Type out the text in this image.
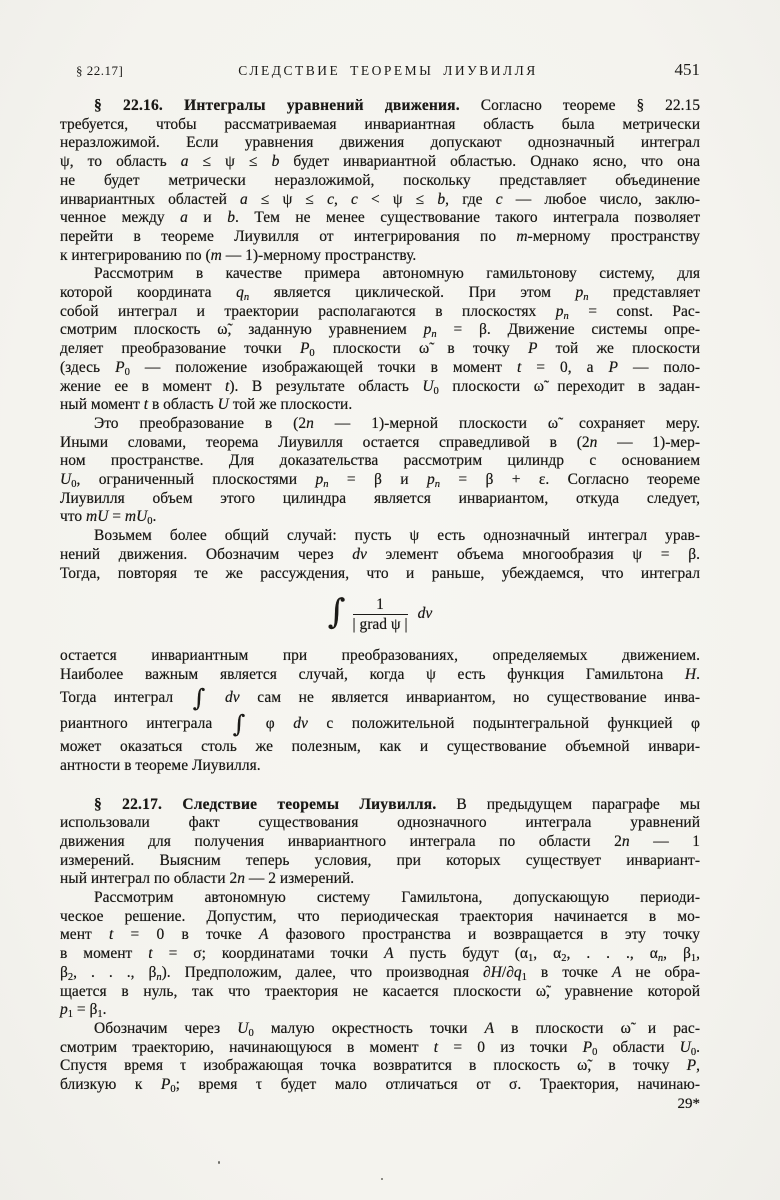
§ 22.17]	СЛЕДСТВИЕ ТЕОРЕМЫ ЛИУВИЛЛЯ	451
§ 22.16. Интегралы уравнений движения. Согласно теореме § 22.15
требуется, чтобы рассматриваемая инвариантная область была метрически
неразложимой. Если уравнения движения допускают однозначный интеграл
ψ, то область a ≤ ψ ≤ b будет инвариантной областью. Однако ясно, что она
не будет метрически неразложимой, поскольку представляет объединение
инвариантных областей a ≤ ψ ≤ c, c < ψ ≤ b, где c — любое число, заклю-
ченное между a и b. Тем не менее существование такого интеграла позволяет
перейти в теореме Лиувилля от интегрирования по m-мерному пространству
к интегрированию по (m — 1)-мерному пространству.
Рассмотрим в качестве примера автономную гамильтонову систему, для
которой координата $q_n$ является циклической. При этом $p_n$ представляет
собой интеграл и траектории располагаются в плоскостях $p_n$ = const. Рас-
смотрим плоскость ω̃, заданную уравнением $p_n = \beta$. Движение системы опре-
деляет преобразование точки $P_0$ плоскости ω̃ в точку P той же плоскости
(здесь $P_0$ — положение изображающей точки в момент t = 0, а P — поло-
жение ее в момент t). В результате область $U_0$ плоскости ω̃ переходит в задан-
ный момент t в область U той же плоскости.
Это преобразование в (2n — 1)-мерной плоскости ω̃ сохраняет меру.
Иными словами, теорема Лиувилля остается справедливой в (2n — 1)-мер-
ном пространстве. Для доказательства рассмотрим цилиндр с основанием
$U_0$, ограниченный плоскостями $p_n = \beta$ и $p_n = \beta + \varepsilon$. Согласно теореме
Лиувилля объем этого цилиндра является инвариантом, откуда следует,
что mU = $mU_0$.
Возьмем более общий случай: пусть ψ есть однозначный интеграл урав-
нений движения. Обозначим через dv элемент объема многообразия ψ = β.
Тогда, повторяя те же рассуждения, что и раньше, убеждаемся, что интеграл
∫ $\frac{1}{\text{| grad ψ |}}$ dv
остается инвариантным при преобразованиях, определяемых движением.
Наиболее важным является случай, когда ψ есть функция Гамильтона H.
Тогда интеграл ∫ dv сам не является инвариантом, но существование инва-
риантного интеграла ∫ φ dv с положительной подынтегральной функцией φ
может оказаться столь же полезным, как и существование объемной инвари-
антности в теореме Лиувилля.
§ 22.17. Следствие теоремы Лиувилля. В предыдущем параграфе мы
использовали факт существования однозначного интеграла уравнений
движения для получения инвариантного интеграла по области 2n — 1
измерений. Выясним теперь условия, при которых существует инвариант-
ный интеграл по области 2n — 2 измерений.
Рассмотрим автономную систему Гамильтона, допускающую периоди-
ческое решение. Допустим, что периодическая траектория начинается в мо-
мент t = 0 в точке A фазового пространства и возвращается в эту точку
в момент t = σ; координатами точки A пусть будут ($\alpha_1$, $\alpha_2$, . . ., $\alpha_n$, $\beta_1$,
$\beta_2$, . . ., $\beta_n$). Предположим, далее, что производная $\partial H/\partial q_1$ в точке A не обра-
щается в нуль, так что траектория не касается плоскости ω̃, уравнение которой
$p_1 = \beta_1$.
Обозначим через $U_0$ малую окрестность точки A в плоскости ω̃ и рас-
смотрим траекторию, начинающуюся в момент t = 0 из точки $P_0$ области $U_0$.
Спустя время τ изображающая точка возвратится в плоскость ω̃, в точку P,
близкую к $P_0$; время τ будет мало отличаться от σ. Траектория, начинаю-
29*
